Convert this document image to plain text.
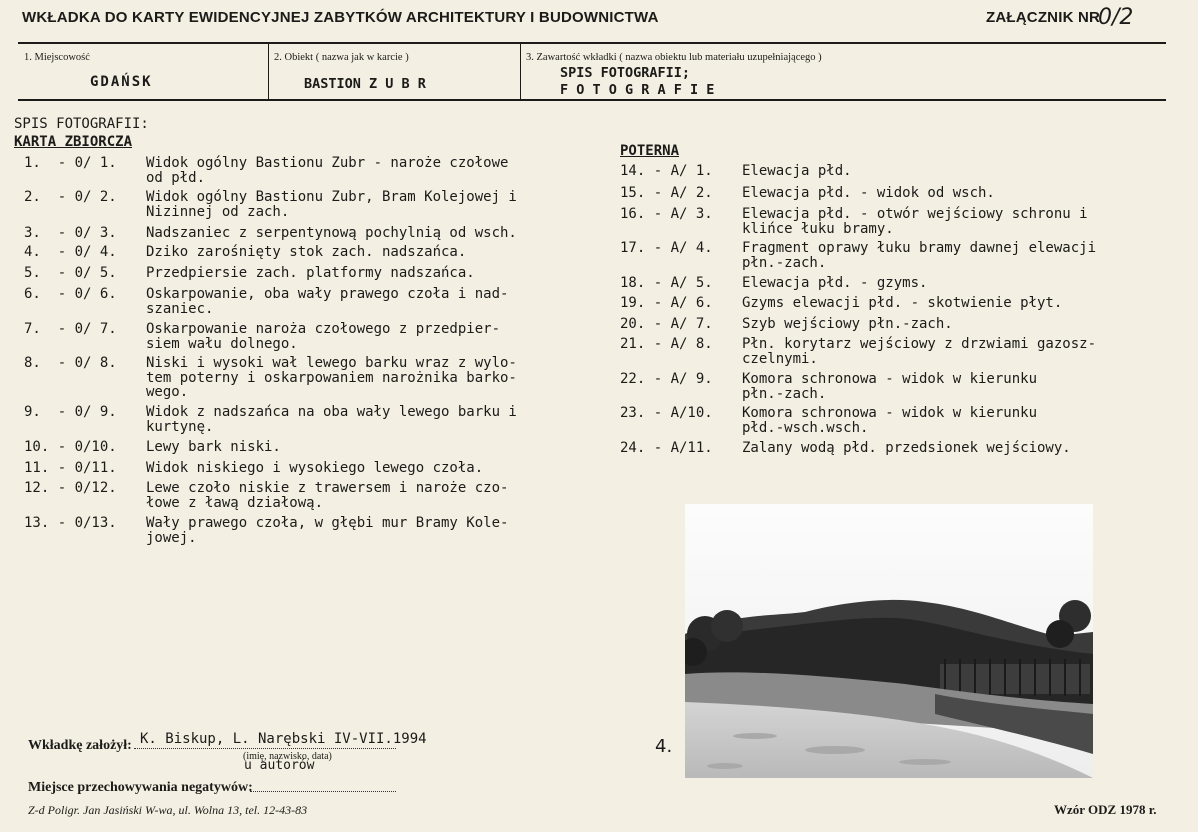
WKŁADKA DO KARTY EWIDENCYJNEJ ZABYTKÓW ARCHITEKTURY I BUDOWNICTWA	ZAŁĄCZNIK NR
0/2
1. Miejscowość
GDAŃSK
2. Obiekt ( nazwa jak w karcie )
BASTION Z U B R
3. Zawartość wkładki ( nazwa obiektu lub materiału uzupełniającego )
SPIS FOTOGRAFII;
F O T O G R A F I E
SPIS FOTOGRAFII:
KARTA ZBIORCZA
1.  - 0/ 1.	Widok ogólny Bastionu Zubr - naroże czołowe
od płd.
2.  - 0/ 2.	Widok ogólny Bastionu Zubr, Bram Kolejowej i
Nizinnej od zach.
3.  - 0/ 3.	Nadszaniec z serpentynową pochylnią od wsch.
4.  - 0/ 4.	Dziko zarośnięty stok zach. nadszańca.
5.  - 0/ 5.	Przedpiersie zach. platformy nadszańca.
6.  - 0/ 6.	Oskarpowanie, oba wały prawego czoła i nad-
szaniec.
7.  - 0/ 7.	Oskarpowanie naroża czołowego z przedpier-
siem wału dolnego.
8.  - 0/ 8.	Niski i wysoki wał lewego barku wraz z wylo-
tem poterny i oskarpowaniem narożnika barko-
wego.
9.  - 0/ 9.	Widok z nadszańca na oba wały lewego barku i
kurtynę.
10. - 0/10.	Lewy bark niski.
11. - 0/11.	Widok niskiego i wysokiego lewego czoła.
12. - 0/12.	Lewe czoło niskie z trawersem i naroże czo-
łowe z ławą działową.
13. - 0/13.	Wały prawego czoła, w głębi mur Bramy Kole-
jowej.
POTERNA
14. - A/ 1.	Elewacja płd.
15. - A/ 2.	Elewacja płd. - widok od wsch.
16. - A/ 3.	Elewacja płd. - otwór wejściowy schronu i
klińce łuku bramy.
17. - A/ 4.	Fragment oprawy łuku bramy dawnej elewacji
płn.-zach.
18. - A/ 5.	Elewacja płd. - gzyms.
19. - A/ 6.	Gzyms elewacji płd. - skotwienie płyt.
20. - A/ 7.	Szyb wejściowy płn.-zach.
21. - A/ 8.	Płn. korytarz wejściowy z drzwiami gazosz-
czelnymi.
22. - A/ 9.	Komora schronowa - widok w kierunku
płn.-zach.
23. - A/10.	Komora schronowa - widok w kierunku
płd.-wsch.wsch.
24. - A/11.	Zalany wodą płd. przedsionek wejściowy.
4.
Wkładkę założył: K. Biskup, L. Narębski IV-VII.1994
(imię, nazwisko, data)
u autorów
Miejsce przechowywania negatywów:
Z-d Poligr. Jan Jasiński W-wa, ul. Wolna 13, tel. 12-43-83	Wzór ODZ 1978 r.
